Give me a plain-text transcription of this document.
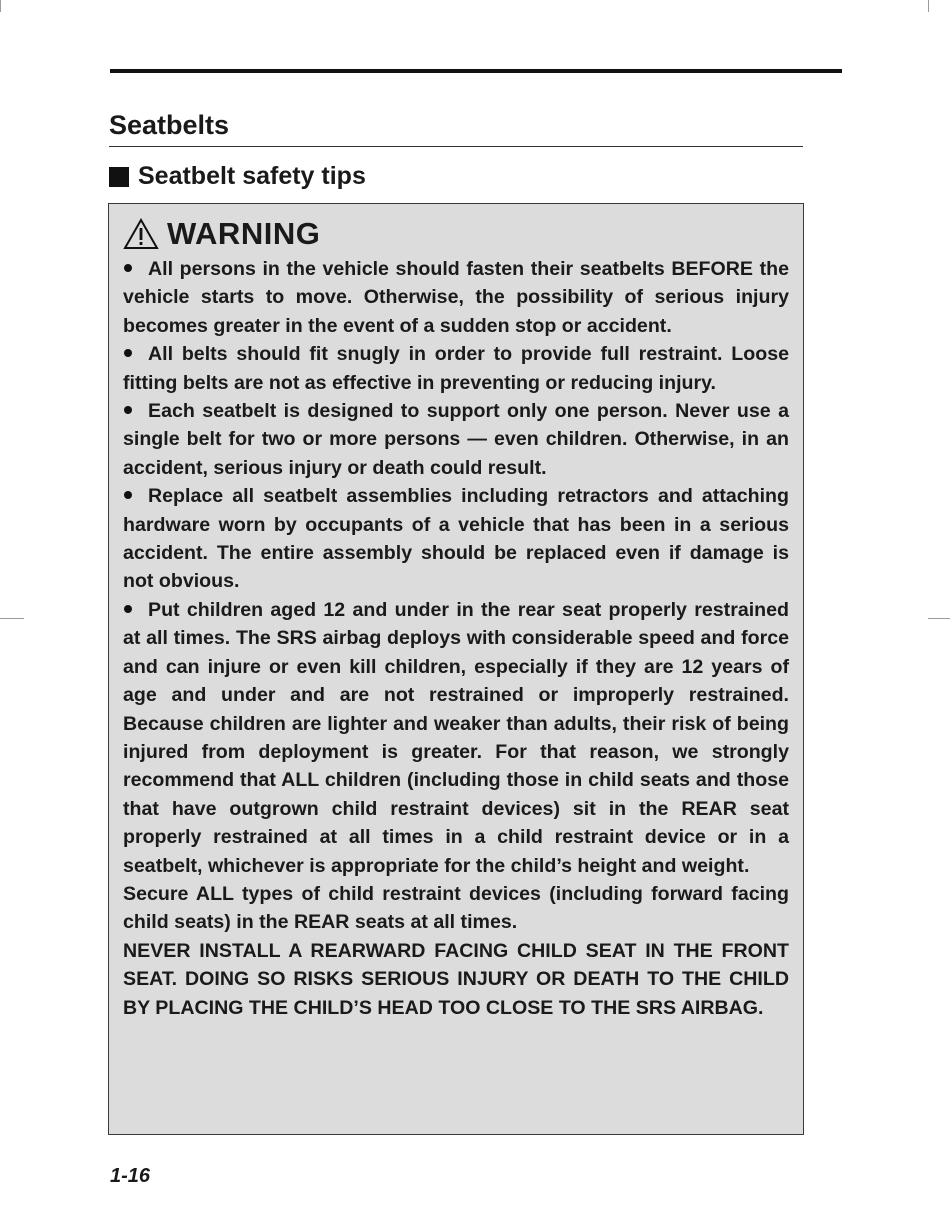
Seatbelts
Seatbelt safety tips
WARNING

All persons in the vehicle should fasten their seatbelts BEFORE the vehicle starts to move. Otherwise, the possibility of serious injury becomes greater in the event of a sudden stop or accident.

All belts should fit snugly in order to provide full restraint. Loose fitting belts are not as effective in preventing or reducing injury.

Each seatbelt is designed to support only one person. Never use a single belt for two or more persons — even children. Otherwise, in an accident, serious injury or death could result.

Replace all seatbelt assemblies including retractors and attaching hardware worn by occupants of a vehicle that has been in a serious accident. The entire assembly should be replaced even if damage is not obvious.

Put children aged 12 and under in the rear seat properly restrained at all times. The SRS airbag deploys with considerable speed and force and can injure or even kill children, especially if they are 12 years of age and under and are not restrained or improperly restrained. Because children are lighter and weaker than adults, their risk of being injured from deployment is greater. For that reason, we strongly recommend that ALL children (including those in child seats and those that have outgrown child restraint devices) sit in the REAR seat properly restrained at all times in a child restraint device or in a seatbelt, whichever is appropriate for the child’s height and weight.

Secure ALL types of child restraint devices (including forward facing child seats) in the REAR seats at all times.

NEVER INSTALL A REARWARD FACING CHILD SEAT IN THE FRONT SEAT. DOING SO RISKS SERIOUS INJURY OR DEATH TO THE CHILD BY PLACING THE CHILD’S HEAD TOO CLOSE TO THE SRS AIRBAG.

1-16
